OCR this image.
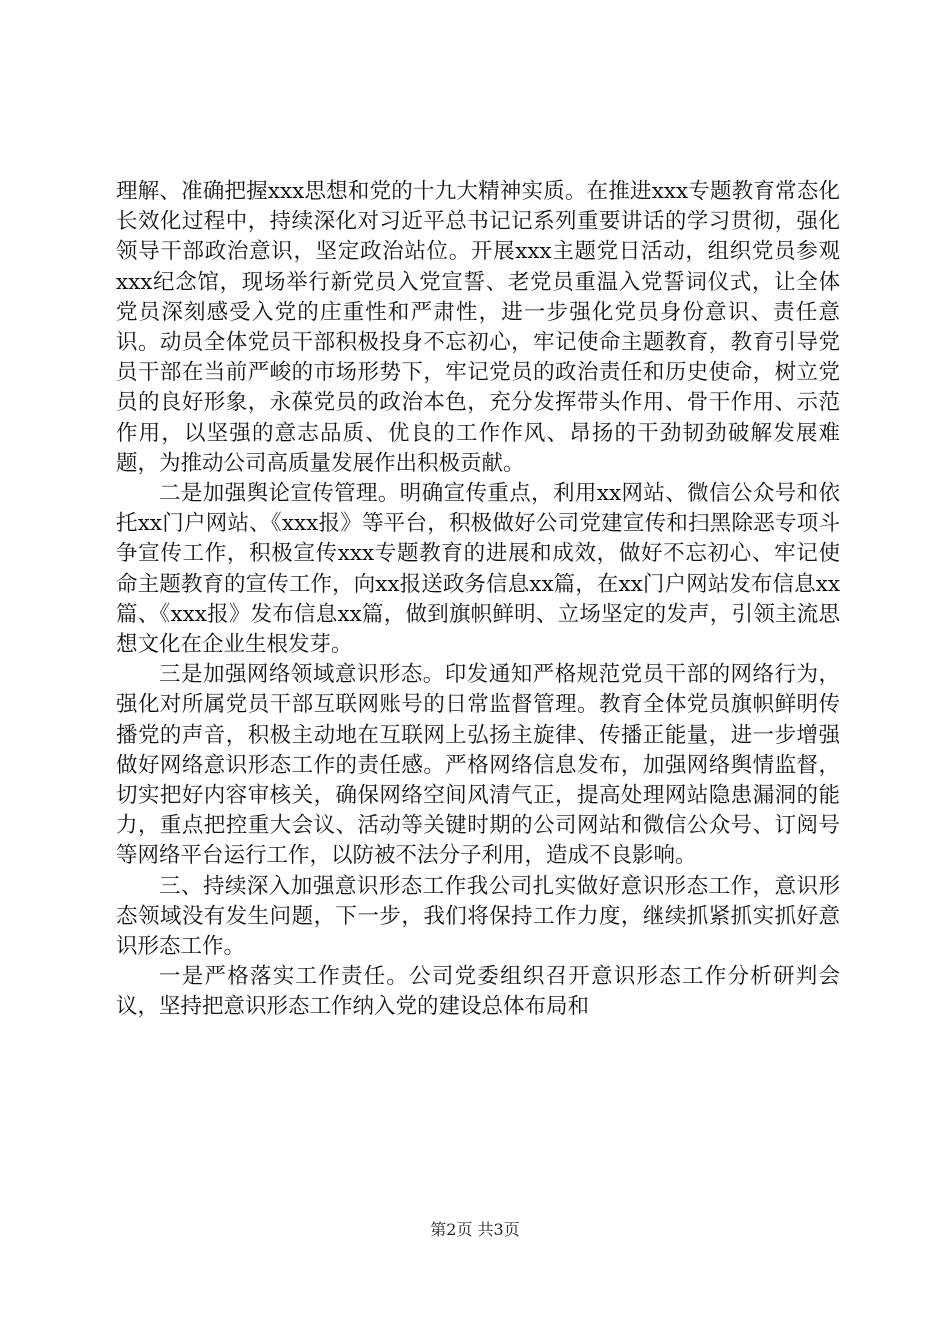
理解、准确把握xxx思想和党的十九大精神实质。在推进xxx专题教育常态化长效化过程中，持续深化对习近平总书记记系列重要讲话的学习贯彻，强化领导干部政治意识，坚定政治站位。开展xxx主题党日活动，组织党员参观xxx纪念馆，现场举行新党员入党宣誓、老党员重温入党誓词仪式，让全体党员深刻感受入党的庄重性和严肃性，进一步强化党员身份意识、责任意识。动员全体党员干部积极投身不忘初心，牢记使命主题教育，教育引导党员干部在当前严峻的市场形势下，牢记党员的政治责任和历史使命，树立党员的良好形象，永葆党员的政治本色，充分发挥带头作用、骨干作用、示范作用，以坚强的意志品质、优良的工作作风、昂扬的干劲韧劲破解发展难题，为推动公司高质量发展作出积极贡献。

二是加强舆论宣传管理。明确宣传重点，利用xx网站、微信公众号和依托xx门户网站、《xxx报》等平台，积极做好公司党建宣传和扫黑除恶专项斗争宣传工作，积极宣传xxx专题教育的进展和成效，做好不忘初心、牢记使命主题教育的宣传工作，向xx报送政务信息xx篇，在xx门户网站发布信息xx篇、《xxx报》发布信息xx篇，做到旗帜鲜明、立场坚定的发声，引领主流思想文化在企业生根发芽。

三是加强网络领域意识形态。印发通知严格规范党员干部的网络行为，强化对所属党员干部互联网账号的日常监督管理。教育全体党员旗帜鲜明传播党的声音，积极主动地在互联网上弘扬主旋律、传播正能量，进一步增强做好网络意识形态工作的责任感。严格网络信息发布，加强网络舆情监督，切实把好内容审核关，确保网络空间风清气正，提高处理网站隐患漏洞的能力，重点把控重大会议、活动等关键时期的公司网站和微信公众号、订阅号等网络平台运行工作，以防被不法分子利用，造成不良影响。

三、持续深入加强意识形态工作我公司扎实做好意识形态工作，意识形态领域没有发生问题，下一步，我们将保持工作力度，继续抓紧抓实抓好意识形态工作。

一是严格落实工作责任。公司党委组织召开意识形态工作分析研判会议，坚持把意识形态工作纳入党的建设总体布局和

第2页 共3页
